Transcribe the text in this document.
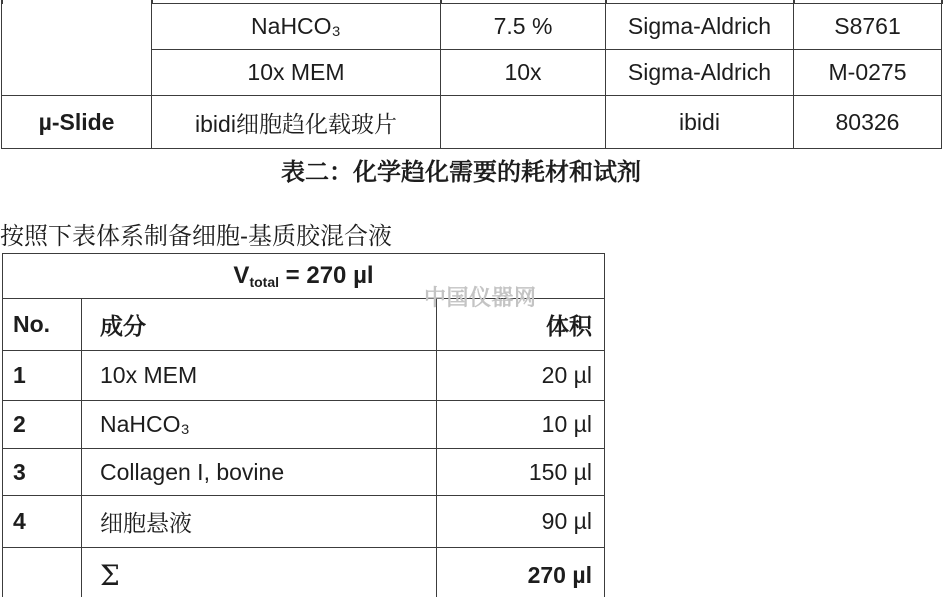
	NaHCO₃	7.5 %	Sigma-Aldrich	S8761
	10x MEM	10x	Sigma-Aldrich	M-0275
µ-Slide	ibidi细胞趋化载玻片		ibidi	80326
表二：化学趋化需要的耗材和试剂
按照下表体系制备细胞-基质胶混合液
中国仪器网
$V_{total} = 270$ µl		
No.	成分	体积
1	10x MEM	20 µl
2	NaHCO₃	10 µl
3	Collagen I, bovine	150 µl
4	细胞悬液	90 µl
	Σ	270 µl
